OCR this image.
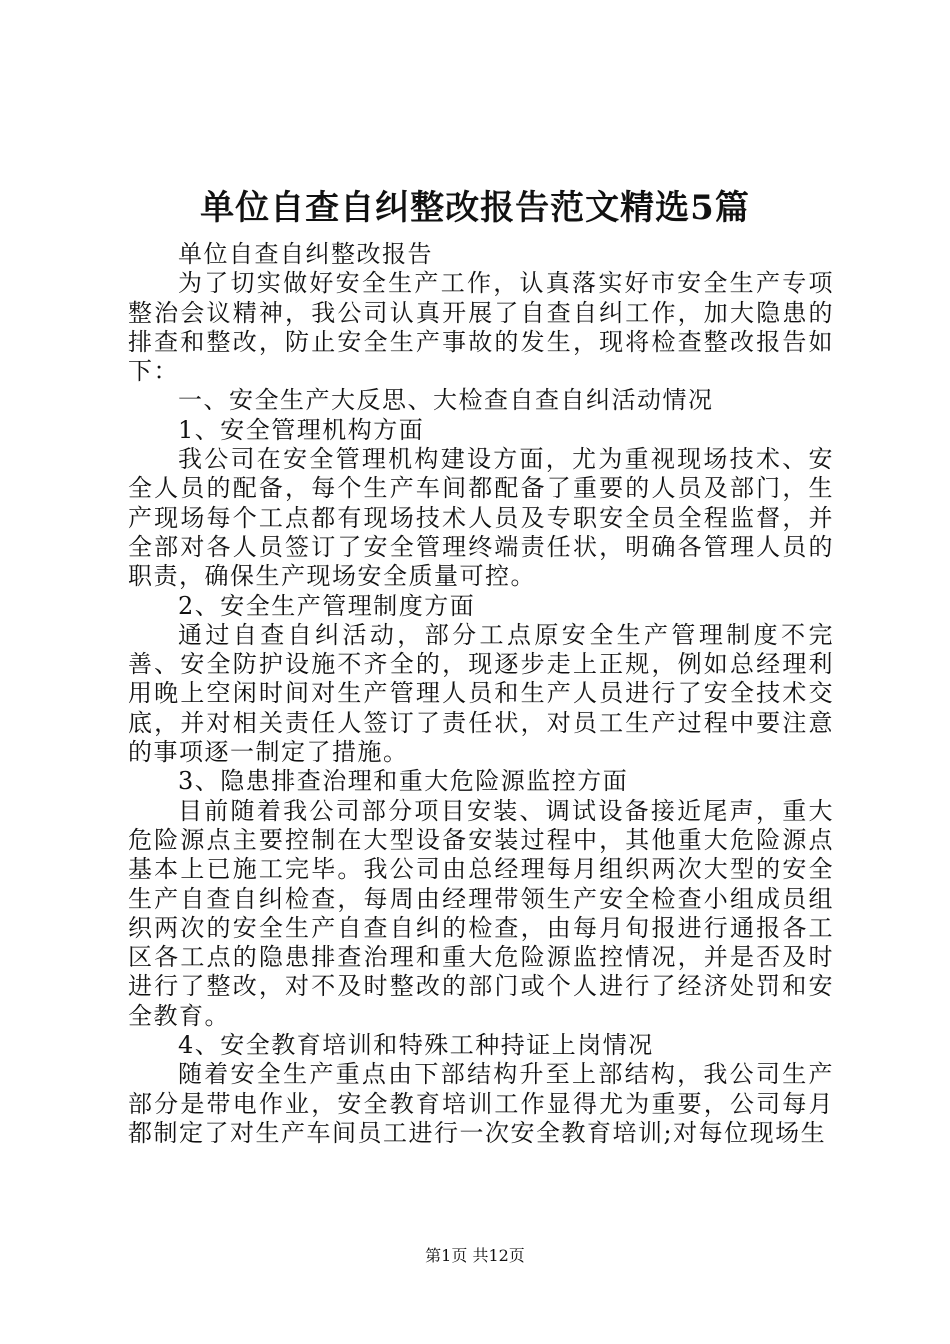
单位自查自纠整改报告范文精选5篇

单位自查自纠整改报告

为了切实做好安全生产工作，认真落实好市安全生产专项整治会议精神，我公司认真开展了自查自纠工作，加大隐患的排查和整改，防止安全生产事故的发生，现将检查整改报告如下：

一、安全生产大反思、大检查自查自纠活动情况

1、安全管理机构方面

我公司在安全管理机构建设方面，尤为重视现场技术、安全人员的配备，每个生产车间都配备了重要的人员及部门，生产现场每个工点都有现场技术人员及专职安全员全程监督，并全部对各人员签订了安全管理终端责任状，明确各管理人员的职责，确保生产现场安全质量可控。

2、安全生产管理制度方面

通过自查自纠活动，部分工点原安全生产管理制度不完善、安全防护设施不齐全的，现逐步走上正规，例如总经理利用晚上空闲时间对生产管理人员和生产人员进行了安全技术交底，并对相关责任人签订了责任状，对员工生产过程中要注意的事项逐一制定了措施。

3、隐患排查治理和重大危险源监控方面

目前随着我公司部分项目安装、调试设备接近尾声，重大危险源点主要控制在大型设备安装过程中，其他重大危险源点基本上已施工完毕。我公司由总经理每月组织两次大型的安全生产自查自纠检查，每周由经理带领生产安全检查小组成员组织两次的安全生产自查自纠的检查，由每月旬报进行通报各工区各工点的隐患排查治理和重大危险源监控情况，并是否及时进行了整改，对不及时整改的部门或个人进行了经济处罚和安全教育。

4、安全教育培训和特殊工种持证上岗情况

随着安全生产重点由下部结构升至上部结构，我公司生产部分是带电作业，安全教育培训工作显得尤为重要，公司每月都制定了对生产车间员工进行一次安全教育培训;对每位现场生

第1页 共12页
